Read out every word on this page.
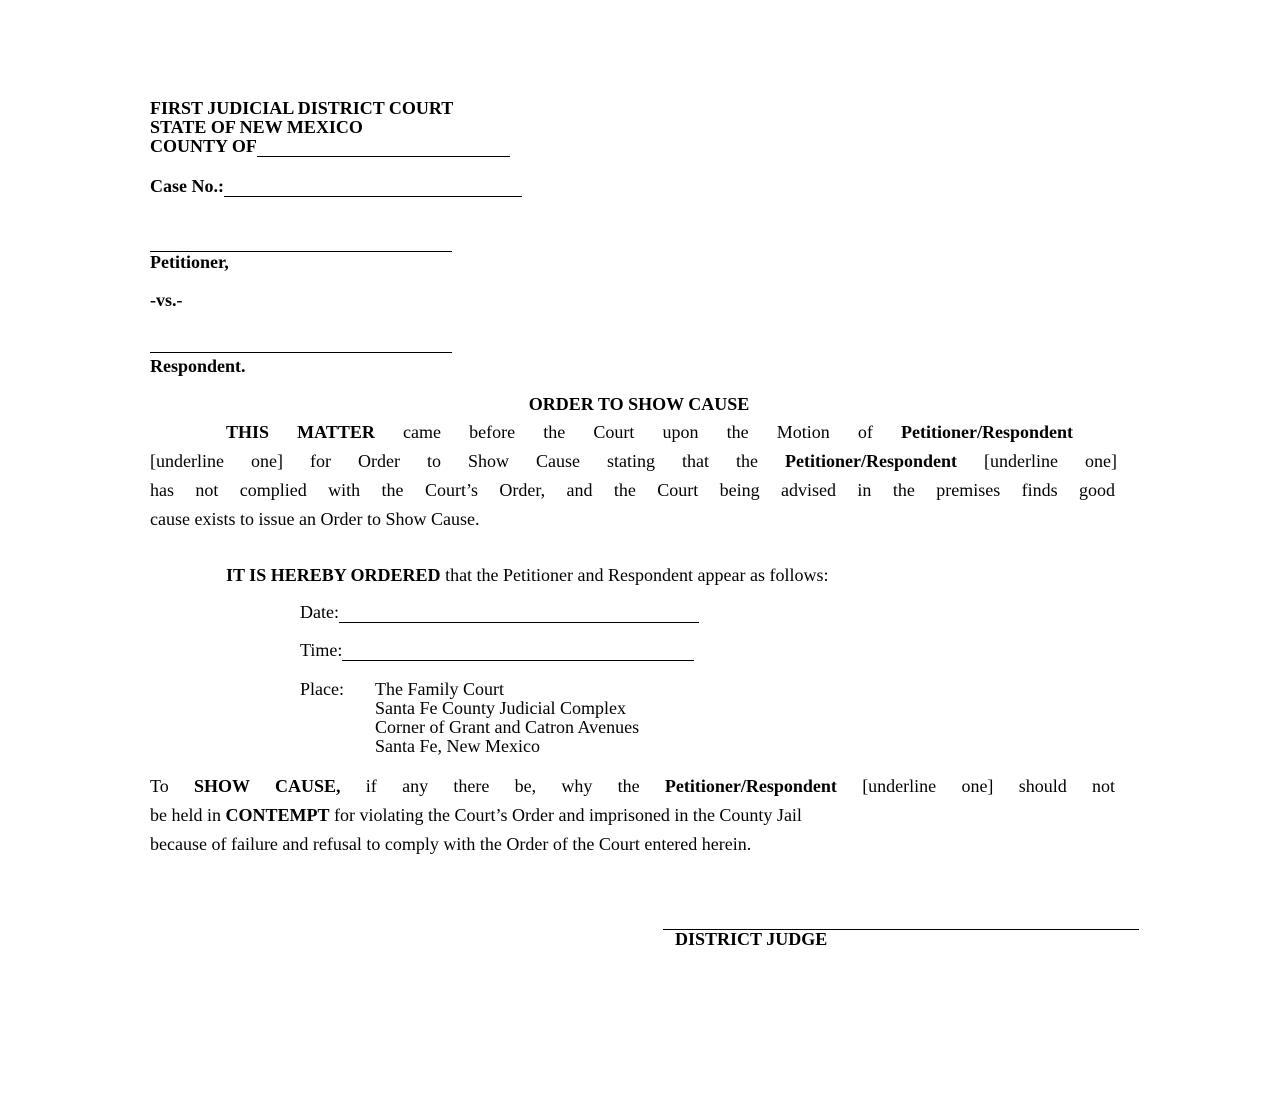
FIRST JUDICIAL DISTRICT COURT
STATE OF NEW MEXICO
COUNTY OF
Case No.:
Petitioner,
-vs.-
Respondent.
ORDER TO SHOW CAUSE
THIS MATTER came before the Court upon the Motion of Petitioner/Respondent
[underline one] for Order to Show Cause stating that the Petitioner/Respondent [underline one]
has not complied with the Court’s Order, and the Court being advised in the premises finds good
cause exists to issue an Order to Show Cause.
IT IS HEREBY ORDERED that the Petitioner and Respondent appear as follows:
Date:
Time:
Place: The Family Court
Santa Fe County Judicial Complex
Corner of Grant and Catron Avenues
Santa Fe, New Mexico
To SHOW CAUSE, if any there be, why the Petitioner/Respondent [underline one] should not
be held in CONTEMPT for violating the Court’s Order and imprisoned in the County Jail
because of failure and refusal to comply with the Order of the Court entered herein.
DISTRICT JUDGE
